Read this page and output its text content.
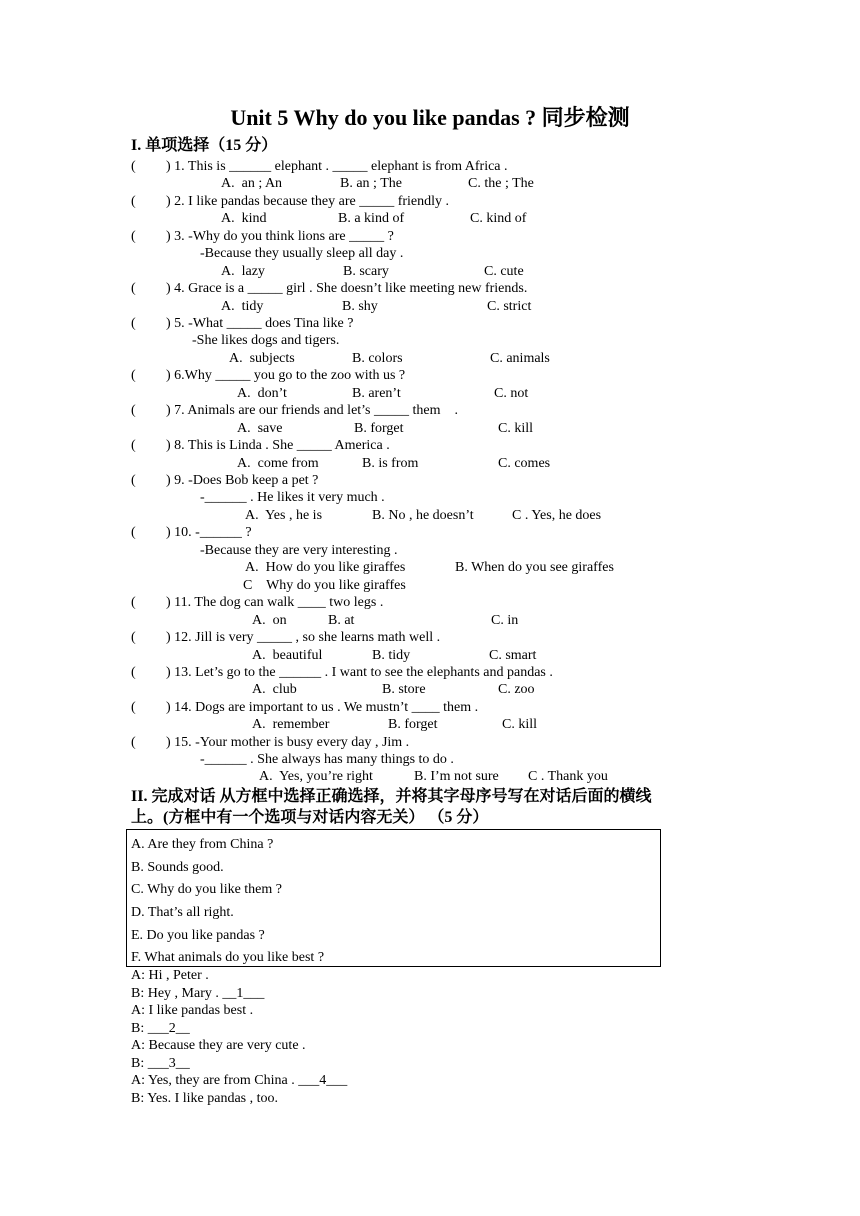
Unit 5 Why do you like pandas ? 同步检测
I. 单项选择（15 分）
( ) 1. This is ______ elephant . _____ elephant is from Africa .
A.  an ; An	B. an ; The	C. the ; The
( ) 2. I like pandas because they are _____ friendly .
A.  kind	B. a kind of	C. kind of
( ) 3. -Why do you think lions are _____ ?
-Because they usually sleep all day .
A.  lazy	B. scary	C. cute
( ) 4. Grace is a _____ girl . She doesn’t like meeting new friends.
A.  tidy	B. shy	C. strict
( ) 5. -What _____ does Tina like ?
-She likes dogs and tigers.
A.  subjects	B. colors	C. animals
( ) 6.Why _____ you go to the zoo with us ?
A.  don’t	B. aren’t	C. not
( ) 7. Animals are our friends and let’s _____ them    .
A.  save	B. forget	C. kill
( ) 8. This is Linda . She _____ America .
A.  come from	B. is from	C. comes
( ) 9. -Does Bob keep a pet ?
-______ . He likes it very much .
A.  Yes , he is	B. No , he doesn’t	C . Yes, he does
( ) 10. -______ ?
-Because they are very interesting .
A.  How do you like giraffes	B. When do you see giraffes
C    Why do you like giraffes
( ) 11. The dog can walk ____ two legs .
A.  on	B. at	C. in
( ) 12. Jill is very _____ , so she learns math well .
A.  beautiful	B. tidy	C. smart
( ) 13. Let’s go to the ______ . I want to see the elephants and pandas .
A.  club	B. store	C. zoo
( ) 14. Dogs are important to us . We mustn’t ____ them .
A.  remember	B. forget	C. kill
( ) 15. -Your mother is busy every day , Jim .
-______ . She always has many things to do .
A.  Yes, you’re right	B. I’m not sure C . Thank you
II. 完成对话 从方框中选择正确选择，并将其字母序号写在对话后面的横线
上。(方框中有一个选项与对话内容无关） （5 分）
A. Are they from China ?
B. Sounds good.
C. Why do you like them ?
D. That’s all right.
E. Do you like pandas ?
F. What animals do you like best ?
A: Hi , Peter .
B: Hey , Mary . __1___
A: I like pandas best .
B: ___2__
A: Because they are very cute .
B: ___3__
A: Yes, they are from China . ___4___
B: Yes. I like pandas , too.
